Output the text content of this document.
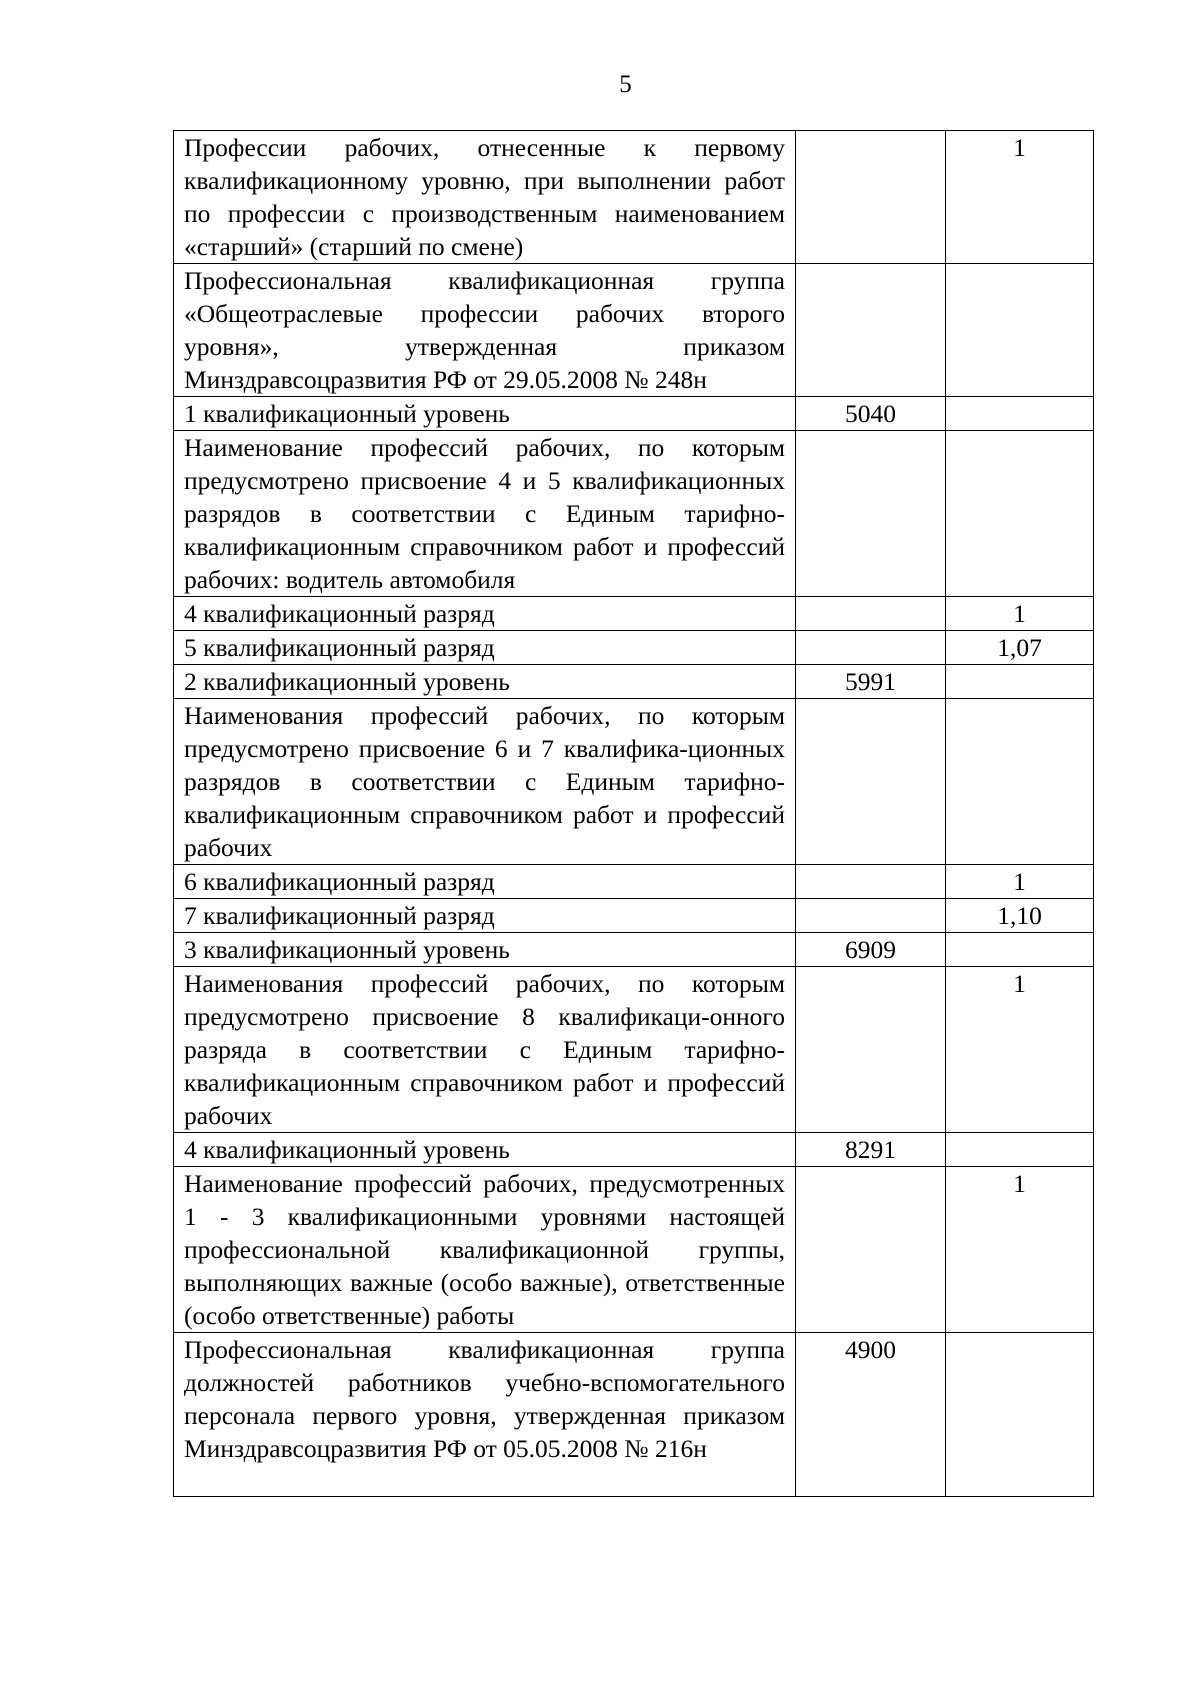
5
Профессии рабочих, отнесенные к первому квалификационному уровню, при выполнении работ по профессии с производственным наименованием «старший» (старший по смене)		1
Профессиональная квалификационная группа «Общеотраслевые профессии рабочих второго уровня», утвержденная приказом Минздравсоцразвития РФ от 29.05.2008 № 248н		
1 квалификационный уровень	5040	
Наименование профессий рабочих, по которым предусмотрено присвоение 4 и 5 квалификационных разрядов в соответствии с Единым тарифно-квалификационным справочником работ и профессий рабочих: водитель автомобиля		
4 квалификационный разряд		1
5 квалификационный разряд		1,07
2 квалификационный уровень	5991	
Наименования профессий рабочих, по которым предусмотрено присвоение 6 и 7 квалифика-ционных разрядов в соответствии с Единым тарифно-квалификационным справочником работ и профессий рабочих		
6 квалификационный разряд		1
7 квалификационный разряд		1,10
3 квалификационный уровень	6909	
Наименования профессий рабочих, по которым предусмотрено присвоение 8 квалификаци-онного разряда в соответствии с Единым тарифно-квалификационным справочником работ и профессий рабочих		1
4 квалификационный уровень	8291	
Наименование профессий рабочих, предусмотренных 1 - 3 квалификационными уровнями настоящей профессиональной квалификационной группы, выполняющих важные (особо важные), ответственные (особо ответственные) работы		1
Профессиональная квалификационная группа должностей работников учебно-вспомогательного персонала первого уровня, утвержденная приказом Минздравсоцразвития РФ от 05.05.2008 № 216н	4900	
